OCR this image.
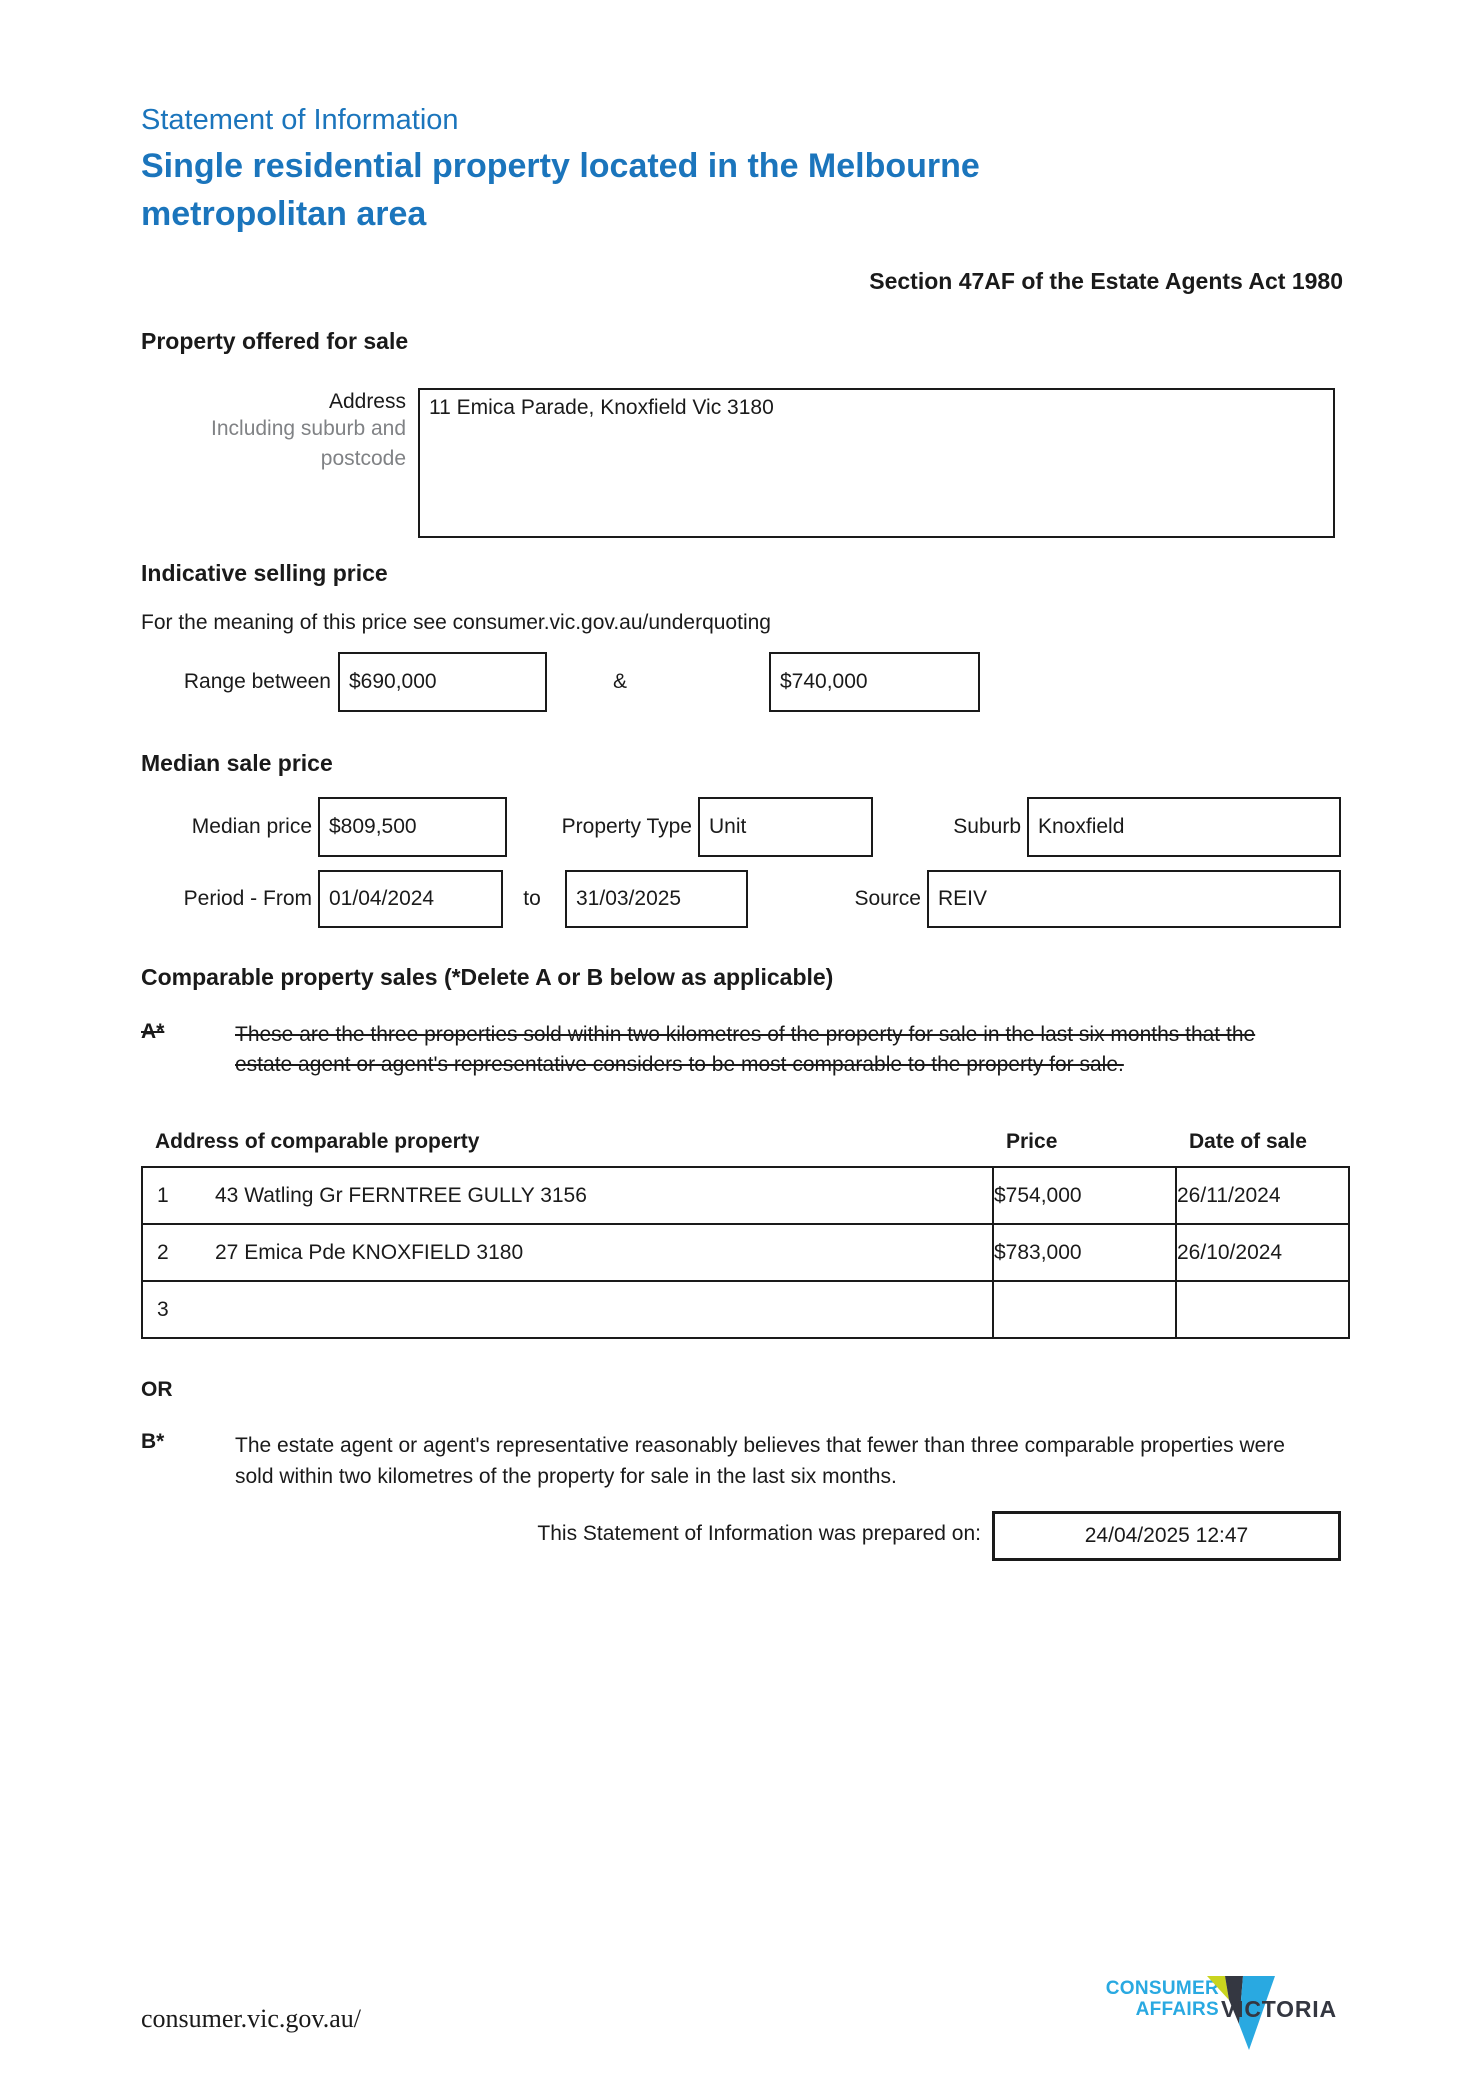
Statement of Information
Single residential property located in the Melbourne metropolitan area
Section 47AF of the Estate Agents Act 1980
Property offered for sale
Address
Including suburb and postcode
11 Emica Parade, Knoxfield Vic 3180
Indicative selling price
For the meaning of this price see consumer.vic.gov.au/underquoting
Range between $690,000	&	$740,000
Median sale price
Median price $809,500	Property Type Unit	Suburb Knoxfield
Period - From 01/04/2024	to	31/03/2025	Source REIV
Comparable property sales (*Delete A or B below as applicable)
A*	These are the three properties sold within two kilometres of the property for sale in the last six months that the estate agent or agent's representative considers to be most comparable to the property for sale.
Address of comparable property	Price	Date of sale
1 43 Watling Gr FERNTREE GULLY 3156	$754,000	26/11/2024

2 27 Emica Pde KNOXFIELD 3180	$783,000	26/10/2024

3		

OR
B*	The estate agent or agent's representative reasonably believes that fewer than three comparable properties were sold within two kilometres of the property for sale in the last six months.
This Statement of Information was prepared on:	24/04/2025 12:47
consumer.vic.gov.au/
CONSUMER
AFFAIRS VICTORIA
